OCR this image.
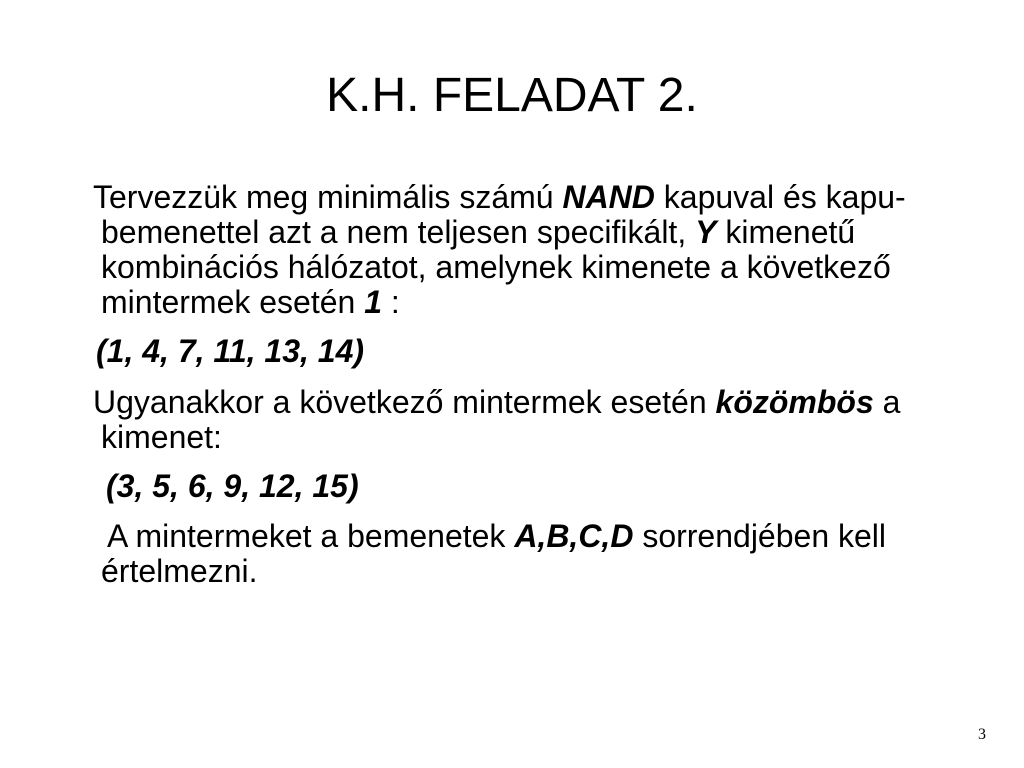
K.H. FELADAT 2.

Tervezzük meg minimális számú NAND kapuval és kapu-bemenettel azt a nem teljesen specifikált, Y kimenetű kombinációs hálózatot, amelynek kimenete a következő mintermek esetén 1 :

(1, 4, 7, 11, 13, 14)

Ugyanakkor a következő mintermek esetén közömbös a kimenet:

(3, 5, 6, 9, 12, 15)

A mintermeket a bemenetek A,B,C,D sorrendjében kell értelmezni.

3
